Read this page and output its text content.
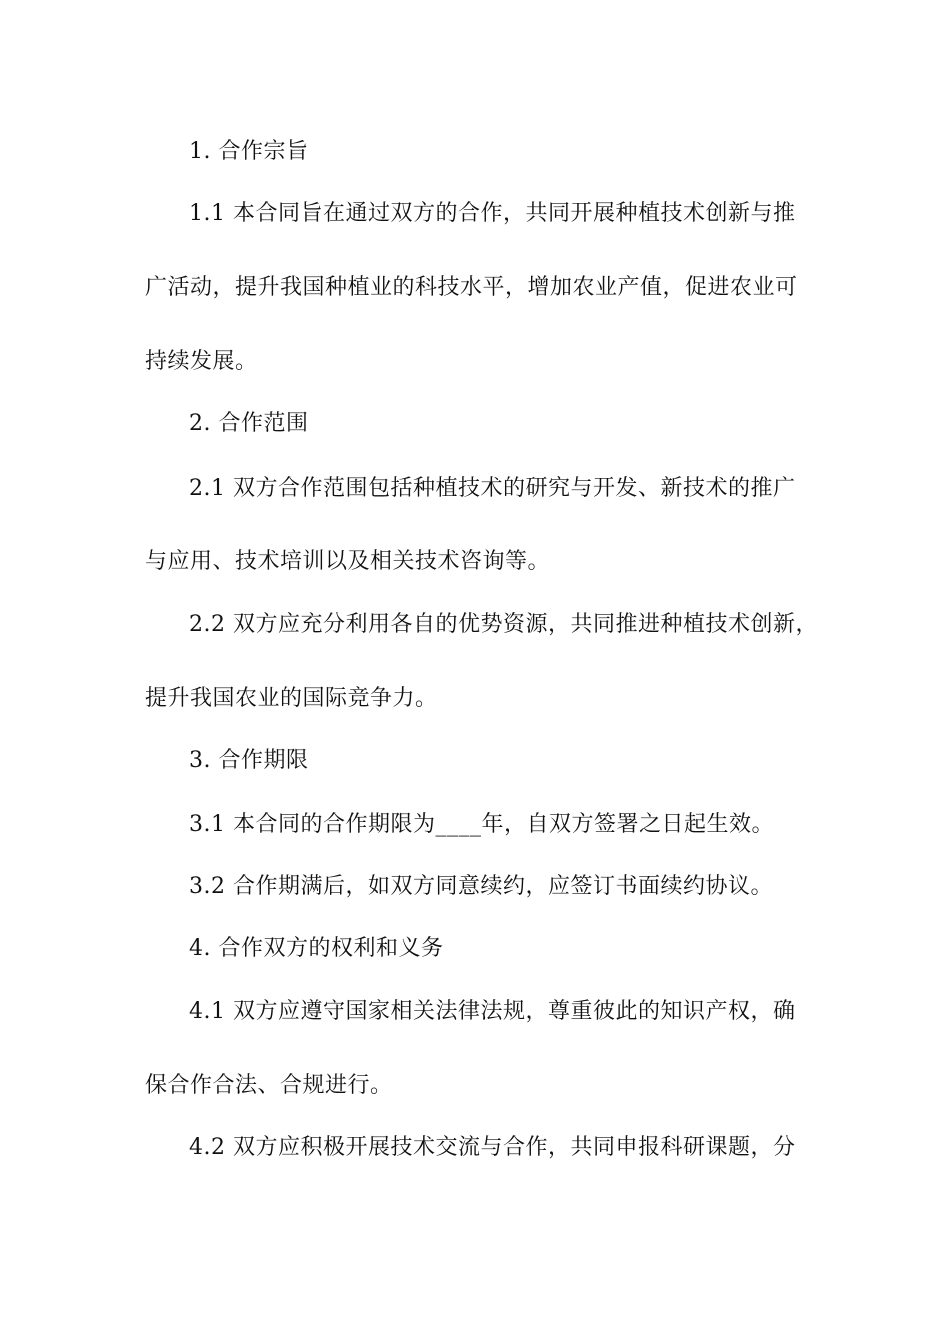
1. 合作宗旨
1.1 本合同旨在通过双方的合作，共同开展种植技术创新与推
广活动，提升我国种植业的科技水平，增加农业产值，促进农业可
持续发展。
2. 合作范围
2.1 双方合作范围包括种植技术的研究与开发、新技术的推广
与应用、技术培训以及相关技术咨询等。
2.2 双方应充分利用各自的优势资源，共同推进种植技术创新，
提升我国农业的国际竞争力。
3. 合作期限
3.1 本合同的合作期限为____年，自双方签署之日起生效。
3.2 合作期满后，如双方同意续约，应签订书面续约协议。
4. 合作双方的权利和义务
4.1 双方应遵守国家相关法律法规，尊重彼此的知识产权，确
保合作合法、合规进行。
4.2 双方应积极开展技术交流与合作，共同申报科研课题，分
